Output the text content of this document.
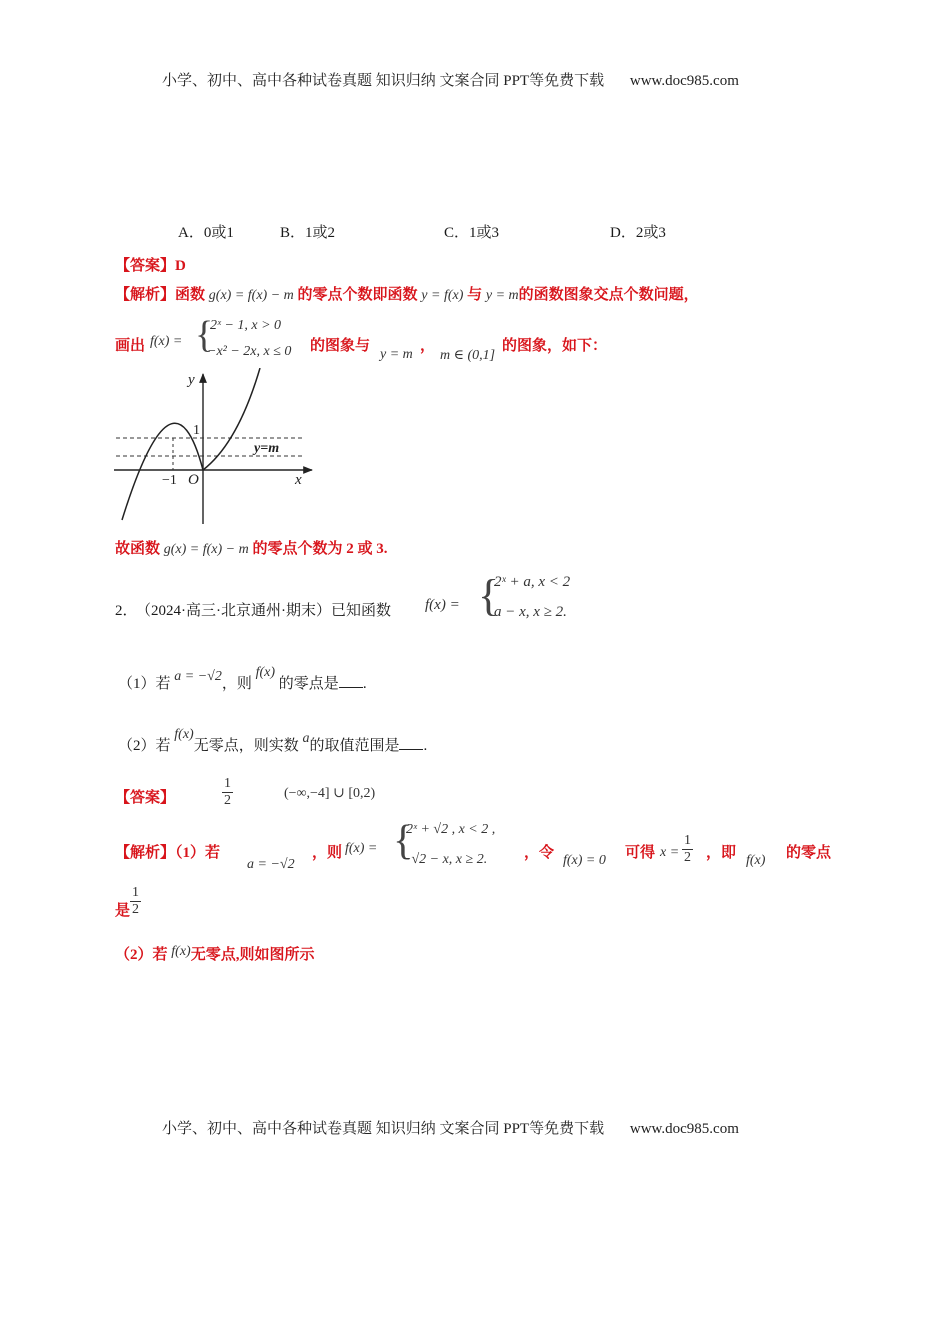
小学、初中、高中各种试卷真题 知识归纳 文案合同 PPT等免费下载 www.doc985.com
A．0或1	B．1或2	C．1或3	D．2或3
【答案】D
【解析】函数 g(x) = f(x) − m 的零点个数即函数 y = f(x) 与 y = m的函数图象交点个数问题，
画出 f(x) = {
2ˣ − 1, x > 0
−x² − 2x, x ≤ 0 的图象与
y = m
，
m ∈ (0,1]
的图象，如下：
y
x
1
−1 O
y=m
故函数 g(x) = f(x) − m 的零点个数为 2 或 3.
2． （2024·高三·北京通州·期末）已知函数 f(x) = {
2ˣ + a, x < 2
a − x, x ≥ 2.
（1）若 a = −√2，则 f(x) 的零点是 .
（2）若 f(x)无零点，则实数 a的取值范围是 .
【答案】	$\frac{1}{2}$	(−∞,−4] ∪ [0,2)
【解析】（1）若
a = −√2
，则 f(x) = {
2ˣ + √2 , x < 2 ,
−√2 − x, x ≥ 2. ，令 f(x) = 0 可得 $x = \frac{1}{2}$ ，即 f(x) 的零点
是 $\frac{1}{2}$
（2）若 f(x)无零点,则如图所示
小学、初中、高中各种试卷真题 知识归纳 文案合同 PPT等免费下载 www.doc985.com
